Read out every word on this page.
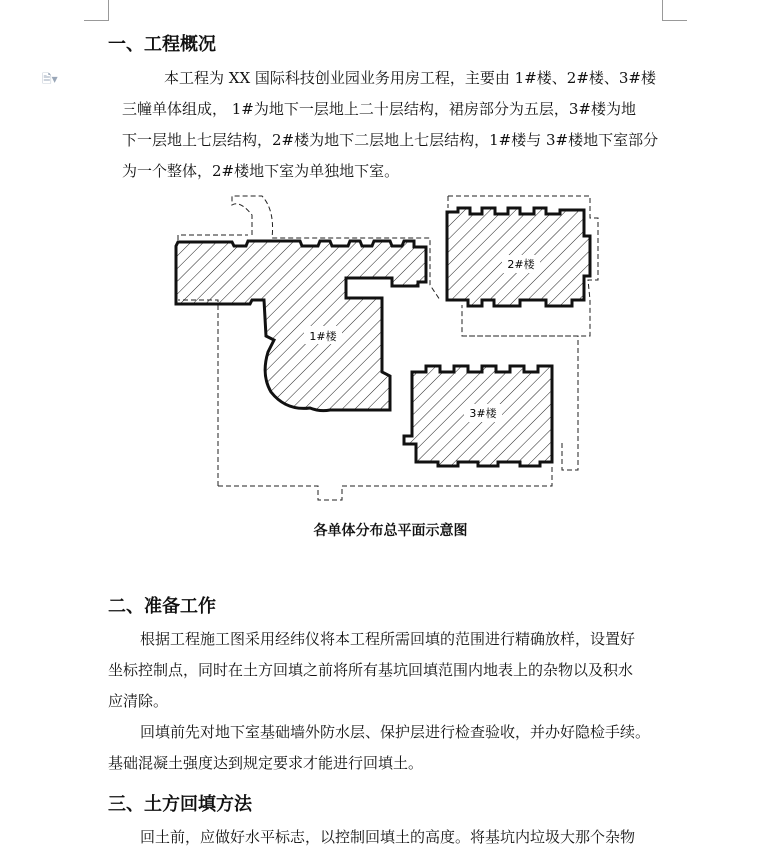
🗎▾
一、工程概况
本工程为 XX 国际科技创业园业务用房工程，主要由 1#楼、2#楼、3#楼
三幢单体组成， 1#为地下一层地上二十层结构，裙房部分为五层，3#楼为地
下一层地上七层结构，2#楼为地下二层地上七层结构，1#楼与 3#楼地下室部分
为一个整体，2#楼地下室为单独地下室。
1#楼
2#楼
3#楼
各单体分布总平面示意图
二、准备工作
根据工程施工图采用经纬仪将本工程所需回填的范围进行精确放样，设置好
坐标控制点，同时在土方回填之前将所有基坑回填范围内地表上的杂物以及积水
应清除。
回填前先对地下室基础墙外防水层、保护层进行检查验收，并办好隐检手续。
基础混凝土强度达到规定要求才能进行回填土。
三、土方回填方法
回土前，应做好水平标志，以控制回填土的高度。将基坑内垃圾大那个杂物
